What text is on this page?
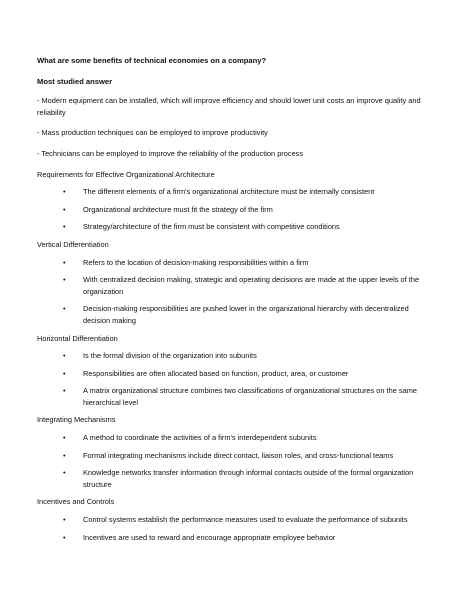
What are some benefits of technical economies on a company?

Most studied answer

- Modern equipment can be installed, which will improve efficiency and should lower unit costs an improve quality and reliability

- Mass production techniques can be employed to improve productivity

- Technicians can be employed to improve the reliability of the production process

Requirements for Effective Organizational Architecture

• The different elements of a firm's organizational architecture must be internally consistent
• Organizational architecture must fit the strategy of the firm
• Strategy/architecture of the firm must be consistent with competitive conditions

Vertical Differentiation

• Refers to the location of decision-making responsibilities within a firm
• With centralized decision making, strategic and operating decisions are made at the upper levels of the organization
• Decision-making responsibilities are pushed lower in the organizational hierarchy with decentralized decision making

Horizontal Differentiation

• Is the formal division of the organization into subunits
• Responsibilities are often allocated based on function, product, area, or customer
• A matrix organizational structure combines two classifications of organizational structures on the same hierarchical level

Integrating Mechanisms

• A method to coordinate the activities of a firm's interdependent subunits
• Formal integrating mechanisms include direct contact, liaison roles, and cross-functional teams
• Knowledge networks transfer information through informal contacts outside of the formal organization structure

Incentives and Controls

• Control systems establish the performance measures used to evaluate the performance of subunits
• Incentives are used to reward and encourage appropriate employee behavior
